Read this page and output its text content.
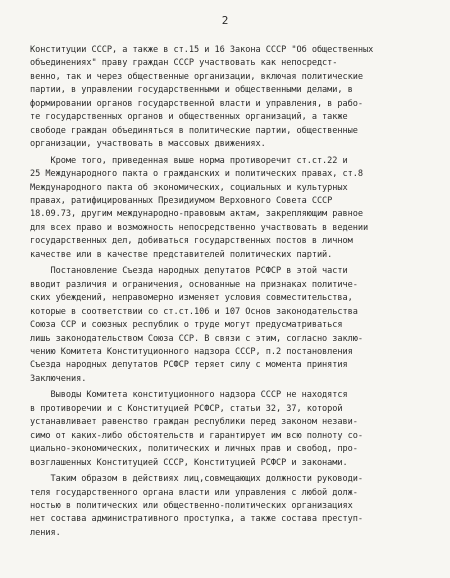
2
Конституции СССР, а также в ст.15 и 16 Закона СССР "Об общественных
объединениях" праву граждан СССР участвовать как непосредст-
венно, так и через общественные организации, включая политические
партии, в управлении государственными и общественными делами, в
формировании органов государственной власти и управления, в рабо-
те государственных органов и общественных организаций, а также
свободе граждан объединяться в политические партии, общественные
организации, участвовать в массовых движениях.
Кроме того, приведенная выше норма противоречит ст.ст.22 и
25 Международного пакта о гражданских и политических правах, ст.8
Международного пакта об экономических, социальных и культурных
правах, ратифицированных Президиумом Верховного Совета СССР
18.09.73, другим международно-правовым актам, закрепляющим равное
для всех право и возможность непосредственно участвовать в ведении
государственных дел, добиваться государственных постов в личном
качестве или в качестве представителей политических партий.
Постановление Съезда народных депутатов РСФСР в этой части
вводит различия и ограничения, основанные на признаках политиче-
ских убеждений, неправомерно изменяет условия совместительства,
которые в соответствии со ст.ст.106 и 107 Основ законодательства
Союза ССР и союзных республик о труде могут предусматриваться
лишь законодательством Союза ССР. В связи с этим, согласно заклю-
чению Комитета Конституционного надзора СССР, п.2 постановления
Съезда народных депутатов РСФСР теряет силу с момента принятия
Заключения.
Выводы Комитета конституционного надзора СССР не находятся
в противоречии и с Конституцией РСФСР, статьи 32, 37, которой
устанавливает равенство граждан республики перед законом незави-
симо от каких-либо обстоятельств и гарантирует им всю полноту со-
циально-экономических, политических и личных прав и свобод, про-
возглашенных Конституцией СССР, Конституцией РСФСР и законами.
Таким образом в действиях лиц,совмещающих должности руководи-
теля государственного органа власти или управления с любой долж-
ностью в политических или общественно-политических организациях
нет состава административного проступка, а также состава преступ-
ления.
